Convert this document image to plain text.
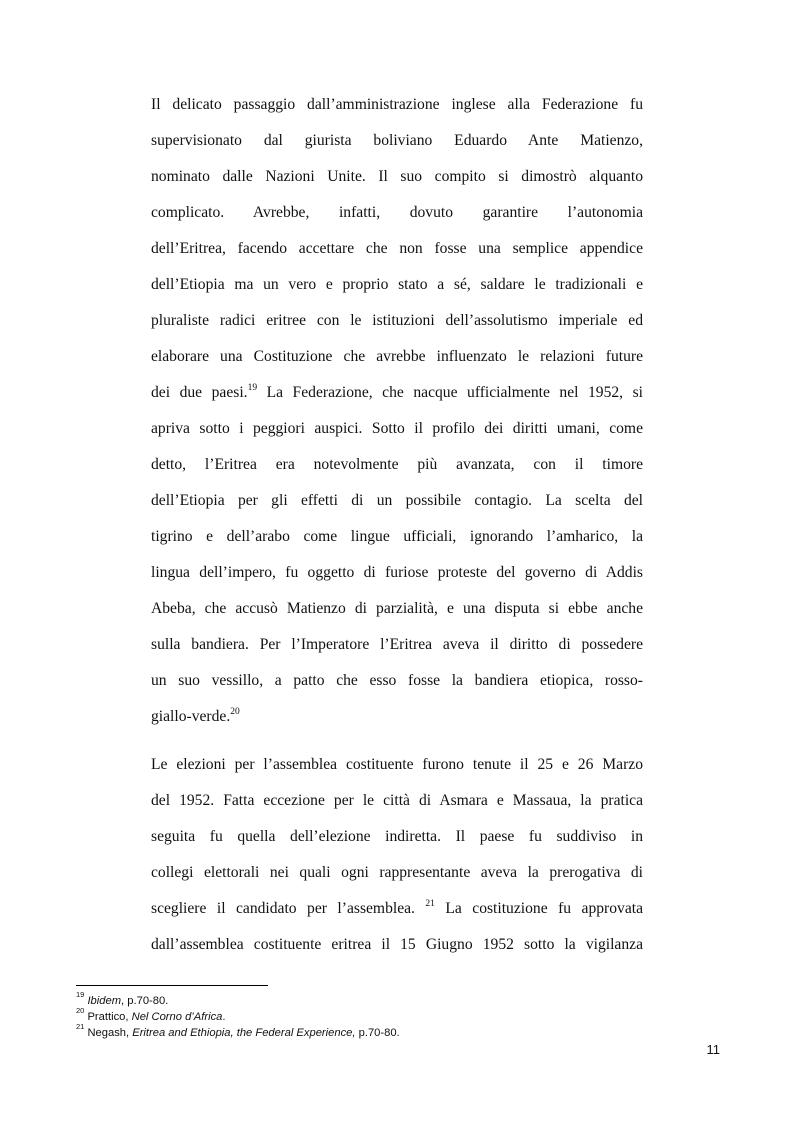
Il delicato passaggio dall’amministrazione inglese alla Federazione fu
supervisionato dal giurista boliviano Eduardo Ante Matienzo,
nominato dalle Nazioni Unite. Il suo compito si dimostrò alquanto
complicato. Avrebbe, infatti, dovuto garantire l’autonomia
dell’Eritrea, facendo accettare che non fosse una semplice appendice
dell’Etiopia ma un vero e proprio stato a sé, saldare le tradizionali e
pluraliste radici eritree con le istituzioni dell’assolutismo imperiale ed
elaborare una Costituzione che avrebbe influenzato le relazioni future
dei due paesi.$^{19}$ La Federazione, che nacque ufficialmente nel 1952, si
apriva sotto i peggiori auspici. Sotto il profilo dei diritti umani, come
detto, l’Eritrea era notevolmente più avanzata, con il timore
dell’Etiopia per gli effetti di un possibile contagio. La scelta del
tigrino e dell’arabo come lingue ufficiali, ignorando l’amharico, la
lingua dell’impero, fu oggetto di furiose proteste del governo di Addis
Abeba, che accusò Matienzo di parzialità, e una disputa si ebbe anche
sulla bandiera. Per l’Imperatore l’Eritrea aveva il diritto di possedere
un suo vessillo, a patto che esso fosse la bandiera etiopica, rosso-
giallo-verde.$^{20}$
Le elezioni per l’assemblea costituente furono tenute il 25 e 26 Marzo
del 1952. Fatta eccezione per le città di Asmara e Massaua, la pratica
seguita fu quella dell’elezione indiretta. Il paese fu suddiviso in
collegi elettorali nei quali ogni rappresentante aveva la prerogativa di
scegliere il candidato per l’assemblea. $^{21}$ La costituzione fu approvata
dall’assemblea costituente eritrea il 15 Giugno 1952 sotto la vigilanza
$^{19}$ Ibidem, p.70-80.
$^{20}$ Prattico, Nel Corno d’Africa.
$^{21}$ Negash, Eritrea and Ethiopia, the Federal Experience, p.70-80.
11
